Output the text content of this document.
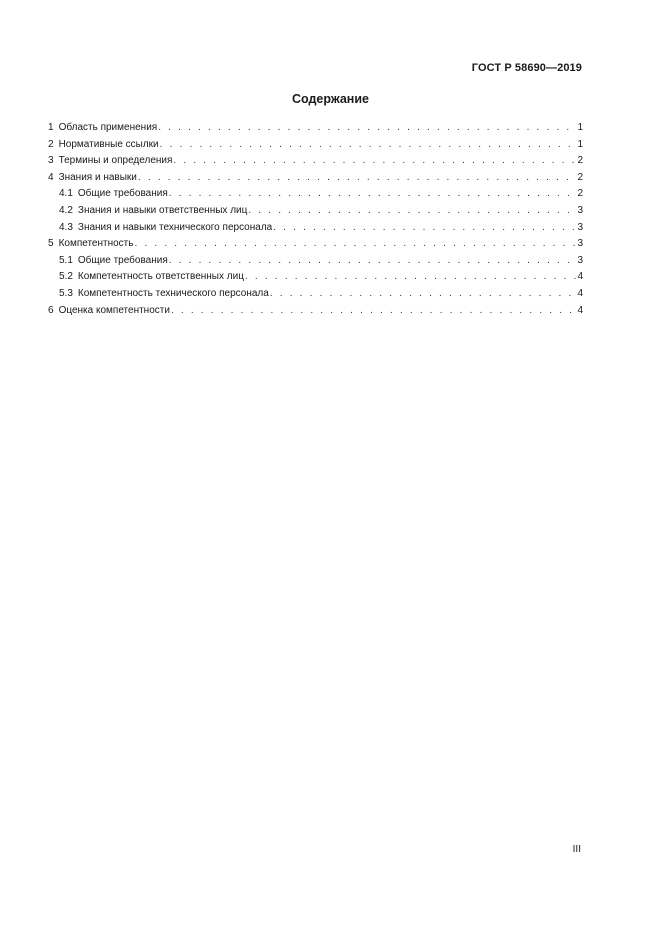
ГОСТ Р 58690—2019
Содержание
1 Область применения . . .	1
2 Нормативные ссылки . . .	1
3 Термины и определения . . .	2
4 Знания и навыки . . .	2
4.1 Общие требования . . .	2
4.2 Знания и навыки ответственных лиц . . .	3
4.3 Знания и навыки технического персонала . . .	3
5 Компетентность . . .	3
5.1 Общие требования . . .	3
5.2 Компетентность ответственных лиц . . .	4
5.3 Компетентность технического персонала . . .	4
6 Оценка компетентности . . .	4
III
